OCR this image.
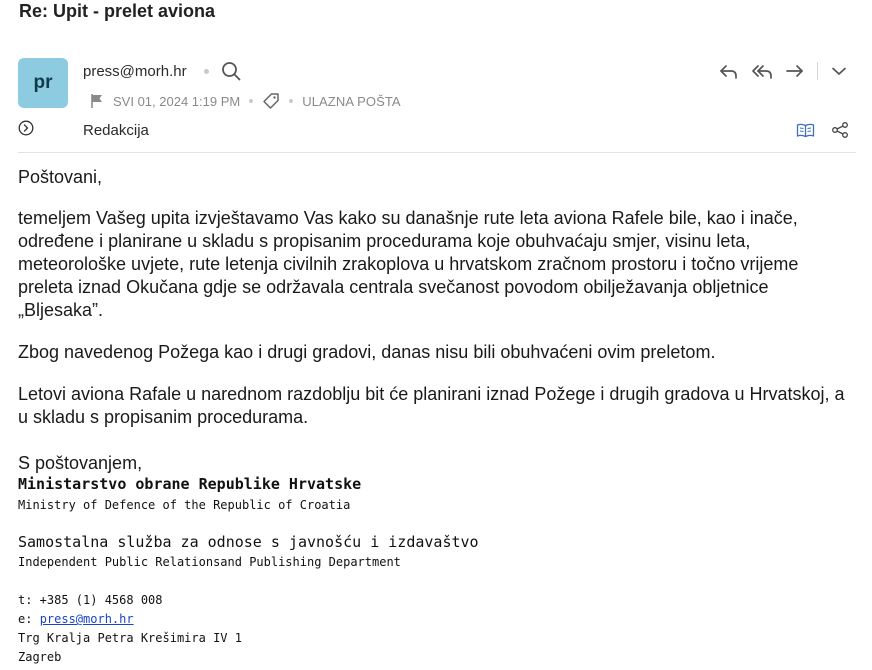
Re: Upit - prelet aviona
pr
press@morh.hr
SVI 01, 2024 1:19 PM	ULAZNA POŠTA
Redakcija

Poštovani,

temeljem Vašeg upita izvještavamo Vas kako su današnje rute leta aviona Rafele bile, kao i inače, određene i planirane u skladu s propisanim procedurama koje obuhvaćaju smjer, visinu leta, meteorološke uvjete, rute letenja civilnih zrakoplova u hrvatskom zračnom prostoru i točno vrijeme preleta iznad Okučana gdje se održavala centrala svečanost povodom obilježavanja obljetnice „Bljesaka”.

Zbog navedenog Požega kao i drugi gradovi, danas nisu bili obuhvaćeni ovim preletom.

Letovi aviona Rafale u narednom razdoblju bit će planirani iznad Požege i drugih gradova u Hrvatskoj, a u skladu s propisanim procedurama.

S poštovanjem,
Ministarstvo obrane Republike Hrvatske
Ministry of Defence of the Republic of Croatia
Samostalna služba za odnose s javnošću i izdavaštvo
Independent Public Relationsand Publishing Department
t: +385 (1) 4568 008
e: press@morh.hr
Trg Kralja Petra Krešimira IV 1
Zagreb
